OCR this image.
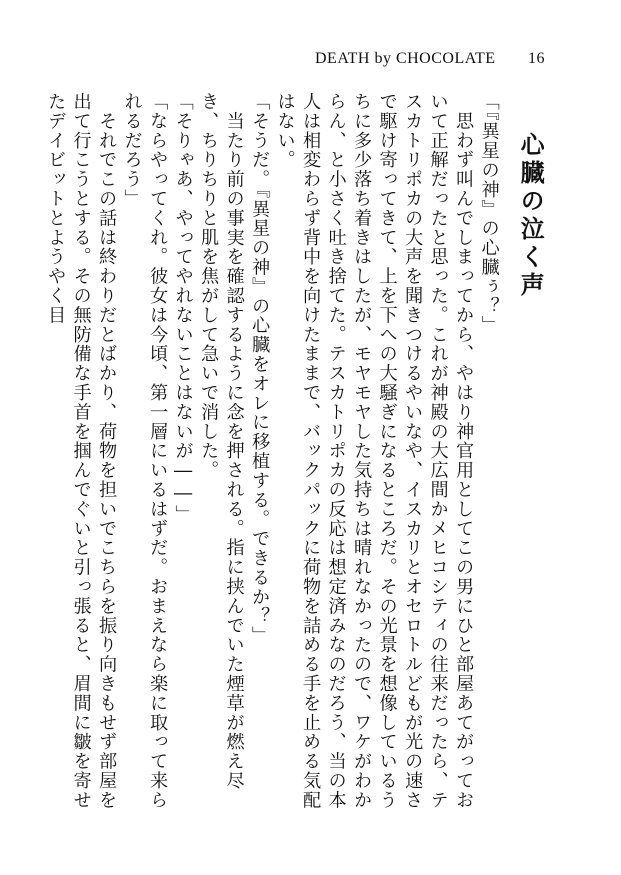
DEATH by CHOCOLATE 16
心臓の泣く声

「『異星の神』の心臓ぅ？」

　思わず叫んでしまってから、やはり神官用としてこの男にひと部屋あてがっておいて正解だったと思った。これが神殿の大広間かメヒコシティの往来だったら、テスカトリポカの大声を聞きつけるやいなや、イスカリとオセロトルどもが光の速さで駆け寄ってきて、上を下への大騒ぎになるところだ。その光景を想像しているうちに多少落ち着きはしたが、モヤモヤした気持ちは晴れなかったので、ワケがわからん、と小さく吐き捨てた。テスカトリポカの反応は想定済みなのだろう、当の本人は相変わらず背中を向けたままで、バックパックに荷物を詰める手を止める気配はない。

「そうだ。『異星の神』の心臓をオレに移植する。できるか？」

　当たり前の事実を確認するように念を押される。指に挟んでいた煙草が燃え尽き、ちりちりと肌を焦がして急いで消した。

「そりゃあ、やってやれないことはないが――」

「ならやってくれ。彼女は今頃、第一層にいるはずだ。おまえなら楽に取って来られるだろう」

　それでこの話は終わりだとばかり、荷物を担いでこちらを振り向きもせず部屋を出て行こうとする。その無防備な手首を掴んでぐいと引っ張ると、眉間に皺を寄せたデイビットとようやく目
